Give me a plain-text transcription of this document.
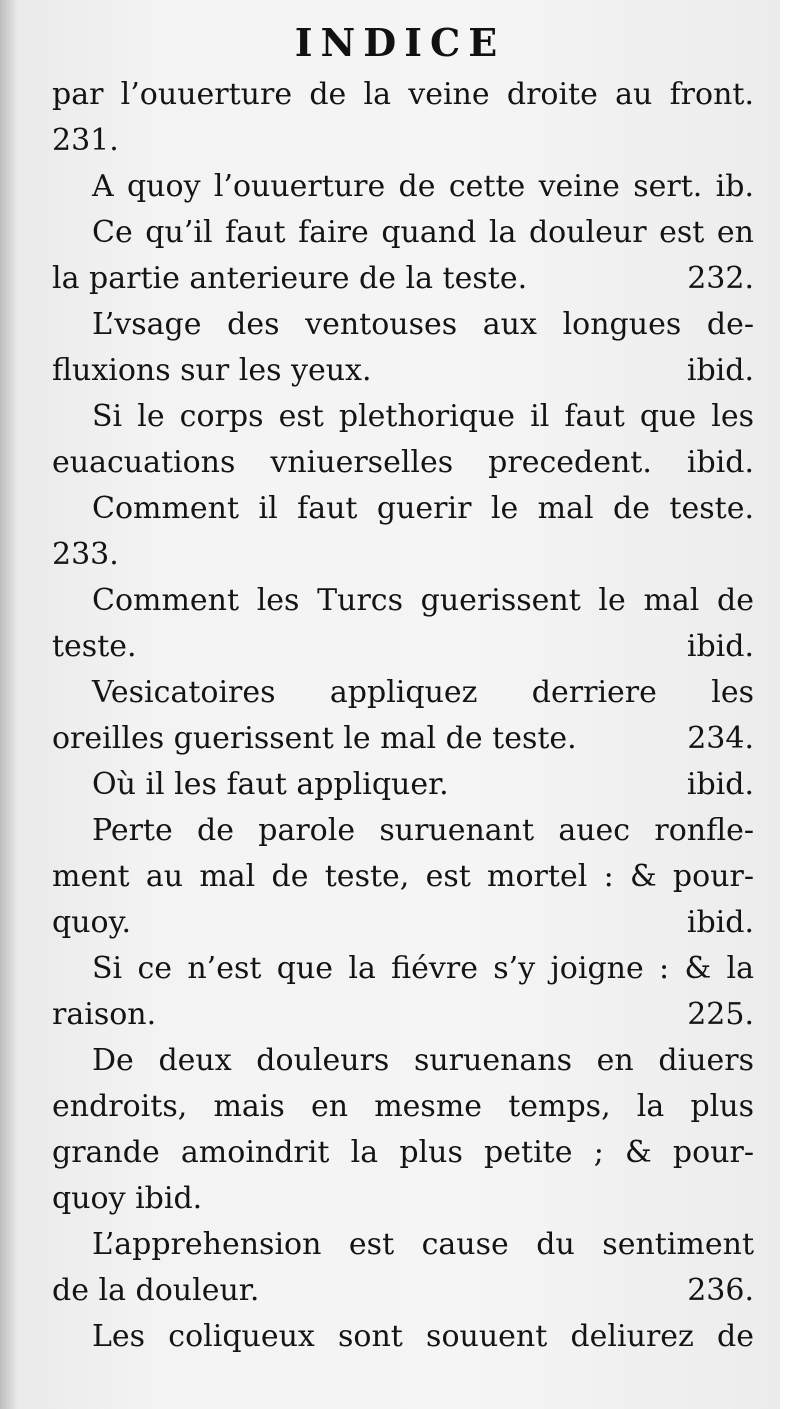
INDICE
par l’ouuerture de la veine droite au front.
231.
A quoy l’ouuerture de cette veine sert. ib.
Ce qu’il faut faire quand la douleur est en
la partie anterieure de la teste.	232.
L’vsage des ventouses aux longues de-
fluxions sur les yeux.	ibid.
Si le corps est plethorique il faut que les
euacuations vniuerselles precedent. ibid.
Comment il faut guerir le mal de teste.
233.
Comment les Turcs guerissent le mal de
teste.	ibid.
Vesicatoires appliquez derriere les
oreilles guerissent le mal de teste.	234.
Où il les faut appliquer.	ibid.
Perte de parole suruenant auec ronfle-
ment au mal de teste, est mortel : & pour-
quoy.	ibid.
Si ce n’est que la fiévre s’y joigne : & la
raison.	225.
De deux douleurs suruenans en diuers
endroits, mais en mesme temps, la plus
grande amoindrit la plus petite ; & pour-
quoy ibid.
L’apprehension est cause du sentiment
de la douleur.	236.
Les coliqueux sont souuent deliurez de
